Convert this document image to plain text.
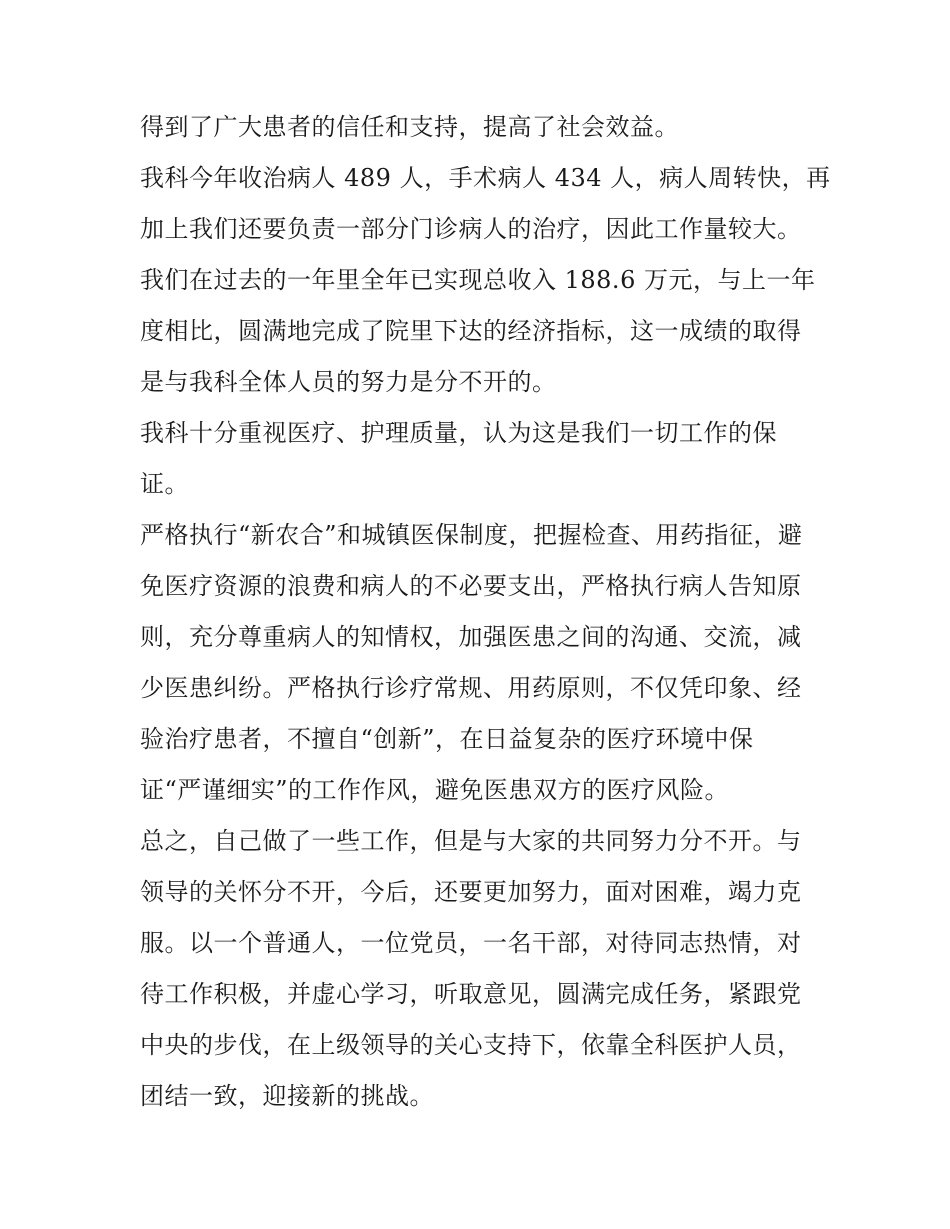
得到了广大患者的信任和支持，提高了社会效益。
我科今年收治病人 489 人，手术病人 434 人，病人周转快，再
加上我们还要负责一部分门诊病人的治疗，因此工作量较大。
我们在过去的一年里全年已实现总收入 188.6 万元，与上一年
度相比，圆满地完成了院里下达的经济指标，这一成绩的取得
是与我科全体人员的努力是分不开的。
我科十分重视医疗、护理质量，认为这是我们一切工作的保
证。
严格执行“新农合”和城镇医保制度，把握检查、用药指征，避
免医疗资源的浪费和病人的不必要支出，严格执行病人告知原
则，充分尊重病人的知情权，加强医患之间的沟通、交流，减
少医患纠纷。严格执行诊疗常规、用药原则，不仅凭印象、经
验治疗患者，不擅自“创新”，在日益复杂的医疗环境中保
证“严谨细实”的工作作风，避免医患双方的医疗风险。
总之，自己做了一些工作，但是与大家的共同努力分不开。与
领导的关怀分不开，今后，还要更加努力，面对困难，竭力克
服。以一个普通人，一位党员，一名干部，对待同志热情，对
待工作积极，并虚心学习，听取意见，圆满完成任务，紧跟党
中央的步伐，在上级领导的关心支持下，依靠全科医护人员，
团结一致，迎接新的挑战。
